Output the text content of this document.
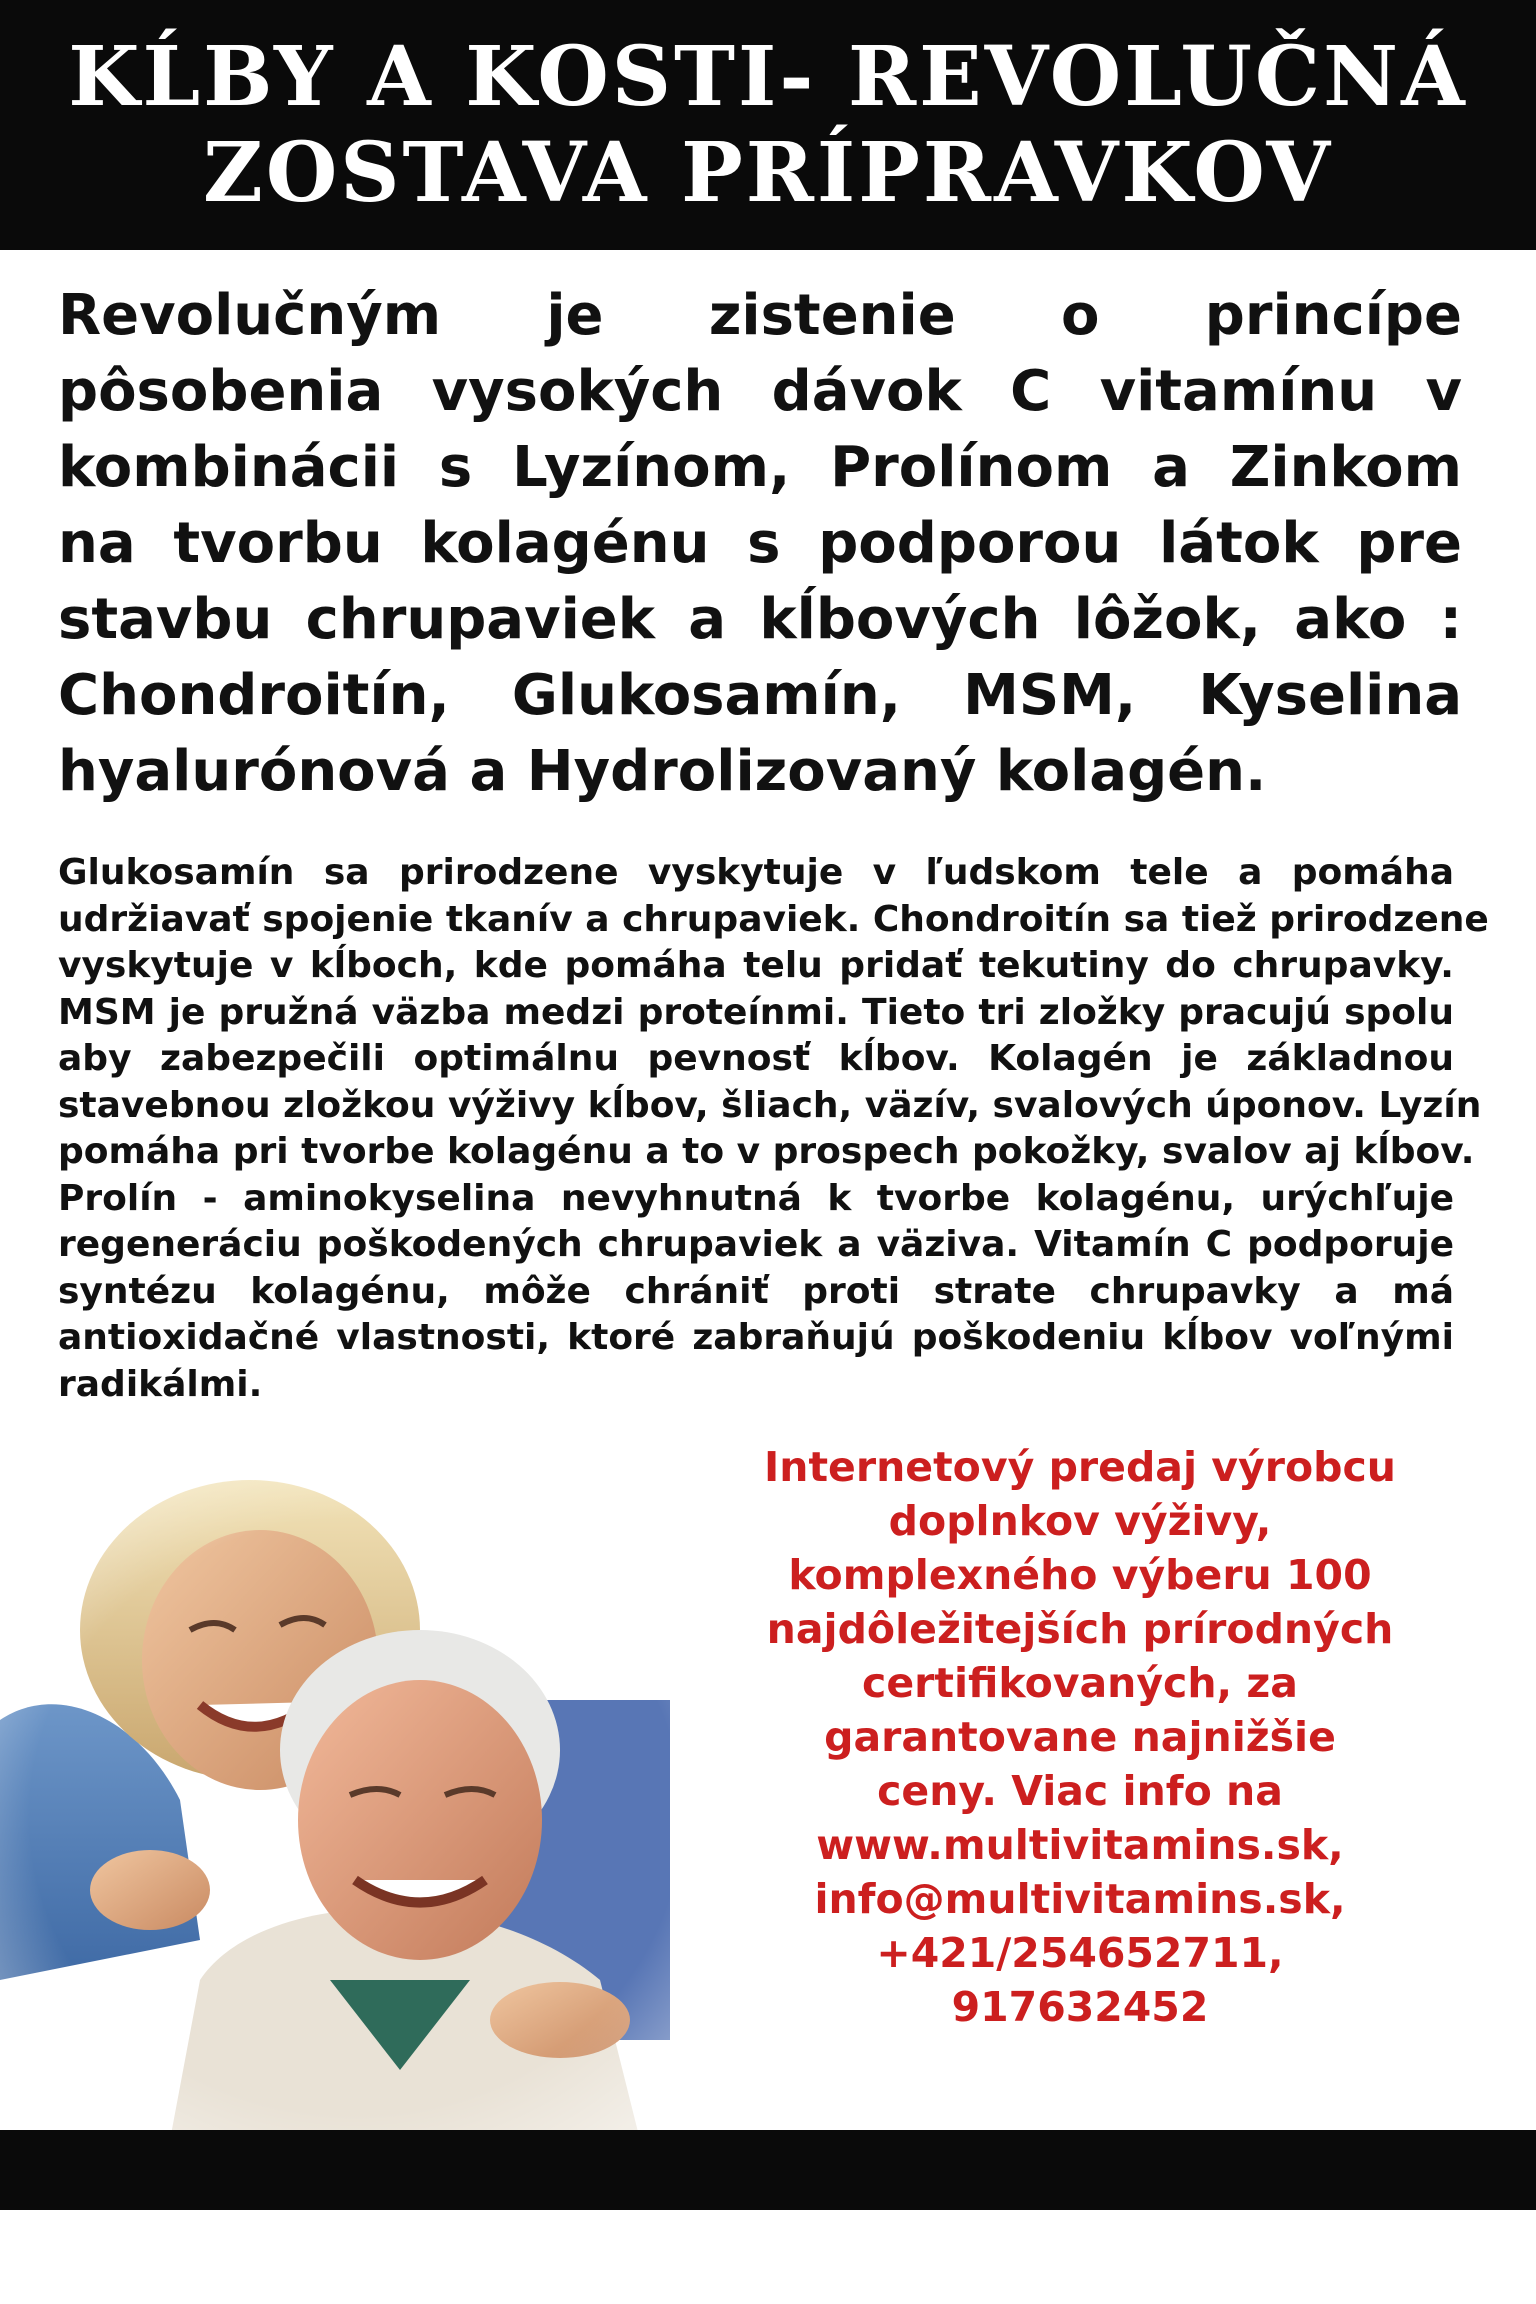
KĹBY A KOSTI- REVOLUČNÁ
ZOSTAVA PRÍPRAVKOV
Revolučným je zistenie o princípe
pôsobenia vysokých dávok C vitamínu v
kombinácii s Lyzínom, Prolínom a Zinkom
na tvorbu kolagénu s podporou látok pre
stavbu chrupaviek a kĺbových lôžok, ako :
Chondroitín, Glukosamín, MSM, Kyselina
hyalurónová a Hydrolizovaný kolagén.
Glukosamín sa prirodzene vyskytuje v ľudskom tele a pomáha
udržiavať spojenie tkanív a chrupaviek. Chondroitín sa tiež prirodzene
vyskytuje v kĺboch, kde pomáha telu pridať tekutiny do chrupavky.
MSM je pružná väzba medzi proteínmi. Tieto tri zložky pracujú spolu
aby zabezpečili optimálnu pevnosť kĺbov. Kolagén je základnou
stavebnou zložkou výživy kĺbov, šliach, väzív, svalových úponov. Lyzín
pomáha pri tvorbe kolagénu a to v prospech pokožky, svalov aj kĺbov.
Prolín - aminokyselina nevyhnutná k tvorbe kolagénu, urýchľuje
regeneráciu poškodených chrupaviek a väziva. Vitamín C podporuje
syntézu kolagénu, môže chrániť proti strate chrupavky a má
antioxidačné vlastnosti, ktoré zabraňujú poškodeniu kĺbov voľnými
radikálmi.
Internetový predaj výrobcu
doplnkov výživy,
komplexného výberu 100
najdôležitejších prírodných
certifikovaných, za
garantovane najnižšie
ceny. Viac info na
www.multivitamins.sk,
info@multivitamins.sk,
+421/254652711,
917632452
